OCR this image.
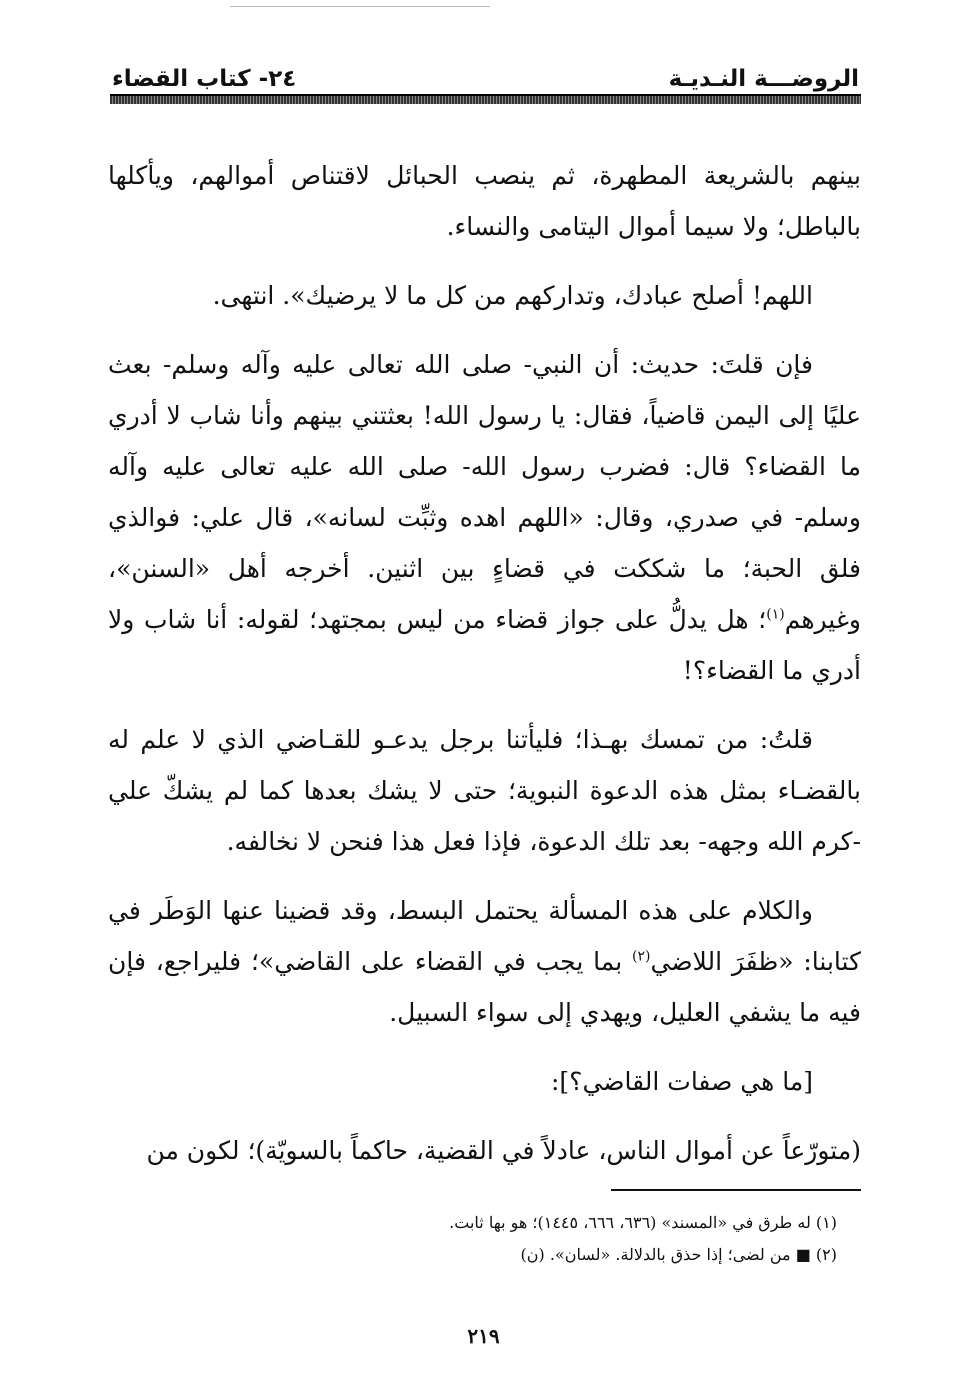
الروضـــة النـديـة
٢٤- كتاب القضاء

بينهم بالشريعة المطهرة، ثم ينصب الحبائل لاقتناص أموالهم، ويأكلها بالباطل؛ ولا سيما أموال اليتامى والنساء.

اللهم! أصلح عبادك، وتداركهم من كل ما لا يرضيك». انتهى.

فإن قلتَ: حديث: أن النبي- صلى الله تعالى عليه وآله وسلم- بعث عليًا إلى اليمن قاضياً، فقال: يا رسول الله! بعثتني بينهم وأنا شاب لا أدري ما القضاء؟ قال: فضرب رسول الله- صلى الله عليه تعالى عليه وآله وسلم- في صدري، وقال: «اللهم اهده وثبِّت لسانه»، قال علي: فوالذي فلق الحبة؛ ما شككت في قضاءٍ بين اثنين. أخرجه أهل «السنن»، وغيرهم$^{(١)}$؛ هل يدلُّ على جواز قضاء من ليس بمجتهد؛ لقوله: أنا شاب ولا أدري ما القضاء؟!

قلتُ: من تمسك بهـذا؛ فليأتنا برجل يدعـو للقـاضي الذي لا علم له بالقضـاء بمثل هذه الدعوة النبوية؛ حتى لا يشك بعدها كما لم يشكّ علي -كرم الله وجهه- بعد تلك الدعوة، فإذا فعل هذا فنحن لا نخالفه.

والكلام على هذه المسألة يحتمل البسط، وقد قضينا عنها الوَطَر في كتابنا: «ظفَرَ اللاضي$^{(٢)}$ بما يجب في القضاء على القاضي»؛ فليراجع، فإن فيه ما يشفي العليل، ويهدي إلى سواء السبيل.

[ما هي صفات القاضي؟]:

(متورّعاً عن أموال الناس، عادلاً في القضية، حاكماً بالسويّة)؛ لكون من

(١) له طرق في «المسند» (٦٣٦، ٦٦٦، ١٤٤٥)؛ هو بها ثابت.
(٢) ■ من لضى؛ إذا حذق بالدلالة. «لسان». (ن)
٢١٩
